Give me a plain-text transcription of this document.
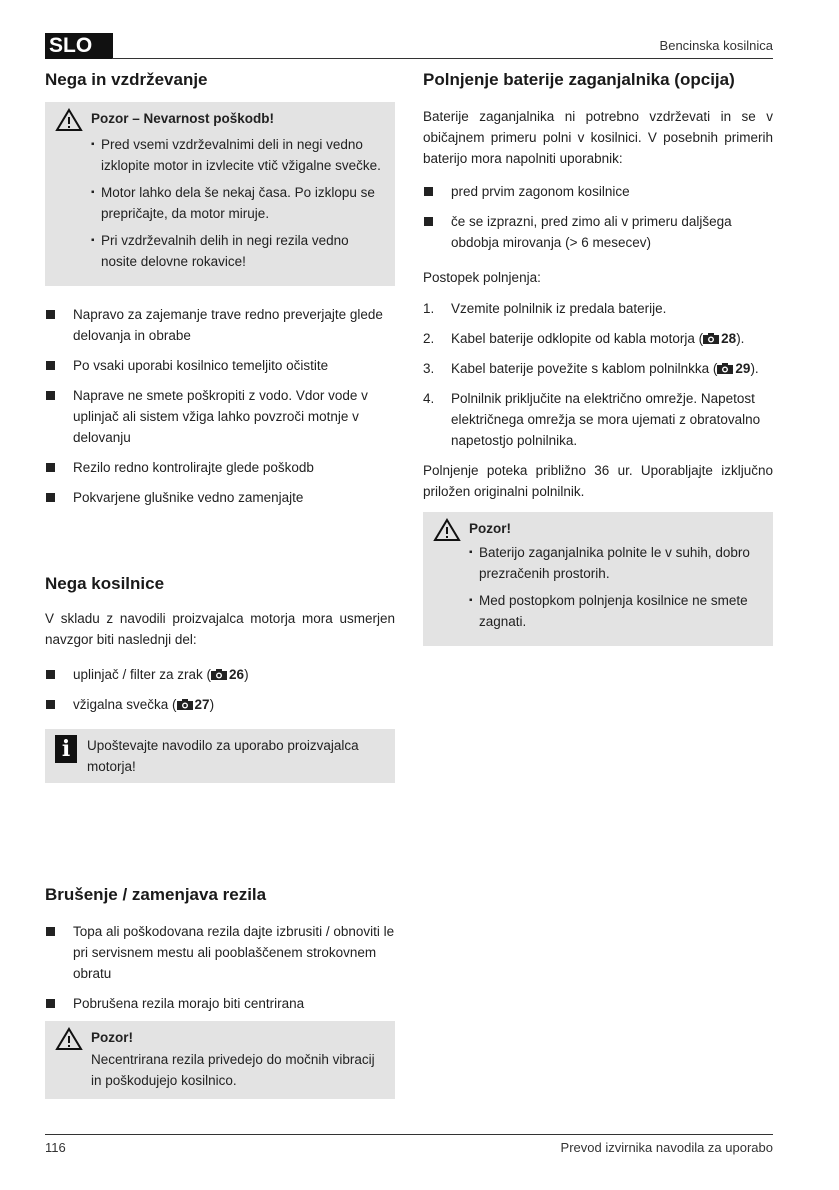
SLO	Bencinska kosilnica
Nega in vzdrževanje
Pozor – Nevarnost poškodb!
▪ Pred vsemi vzdrževalnimi deli in negi vedno izklopite motor in izvlecite vtič vžigalne svečke.
▪ Motor lahko dela še nekaj časa. Po izklopu se prepričajte, da motor miruje.
▪ Pri vzdrževalnih delih in negi rezila vedno nosite delovne rokavice!
Napravo za zajemanje trave redno preverjajte glede delovanja in obrabe
Po vsaki uporabi kosilnico temeljito očistite
Naprave ne smete poškropiti z vodo. Vdor vode v uplinjač ali sistem vžiga lahko povzroči motnje v delovanju
Rezilo redno kontrolirajte glede poškodb
Pokvarjene glušnike vedno zamenjajte
Nega kosilnice

V skladu z navodili proizvajalca motorja mora usmerjen navzgor biti naslednji del:

uplinjač / filter za zrak ( 26)
vžigalna svečka ( 27)
i	Upoštevajte navodilo za uporabo proizvajalca motorja!
Brušenje / zamenjava rezila
Topa ali poškodovana rezila dajte izbrusiti / obnoviti le pri servisnem mestu ali pooblaščenem strokovnem obratu
Pobrušena rezila morajo biti centrirana
Pozor!
Necentrirana rezila privedejo do močnih vibracij in poškodujejo kosilnico.
Polnjenje baterije zaganjalnika (opcija)

Baterije zaganjalnika ni potrebno vzdrževati in se v običajnem primeru polni v kosilnici. V posebnih primerih baterijo mora napolniti uporabnik:

pred prvim zagonom kosilnice
če se izprazni, pred zimo ali v primeru daljšega obdobja mirovanja (> 6 mesecev)

Postopek polnjenja:

1. Vzemite polnilnik iz predala baterije.
2. Kabel baterije odklopite od kabla motorja ( 28).
3. Kabel baterije povežite s kablom polnilnkka ( 29).
4. Polnilnik priključite na električno omrežje. Napetost električnega omrežja se mora ujemati z obratovalno napetostjo polnilnika.

Polnjenje poteka približno 36 ur. Uporabljajte izključno priložen originalni polnilnik.

Pozor!
▪ Baterijo zaganjalnika polnite le v suhih, dobro prezračenih prostorih.
▪ Med postopkom polnjenja kosilnice ne smete zagnati.
116	Prevod izvirnika navodila za uporabo
